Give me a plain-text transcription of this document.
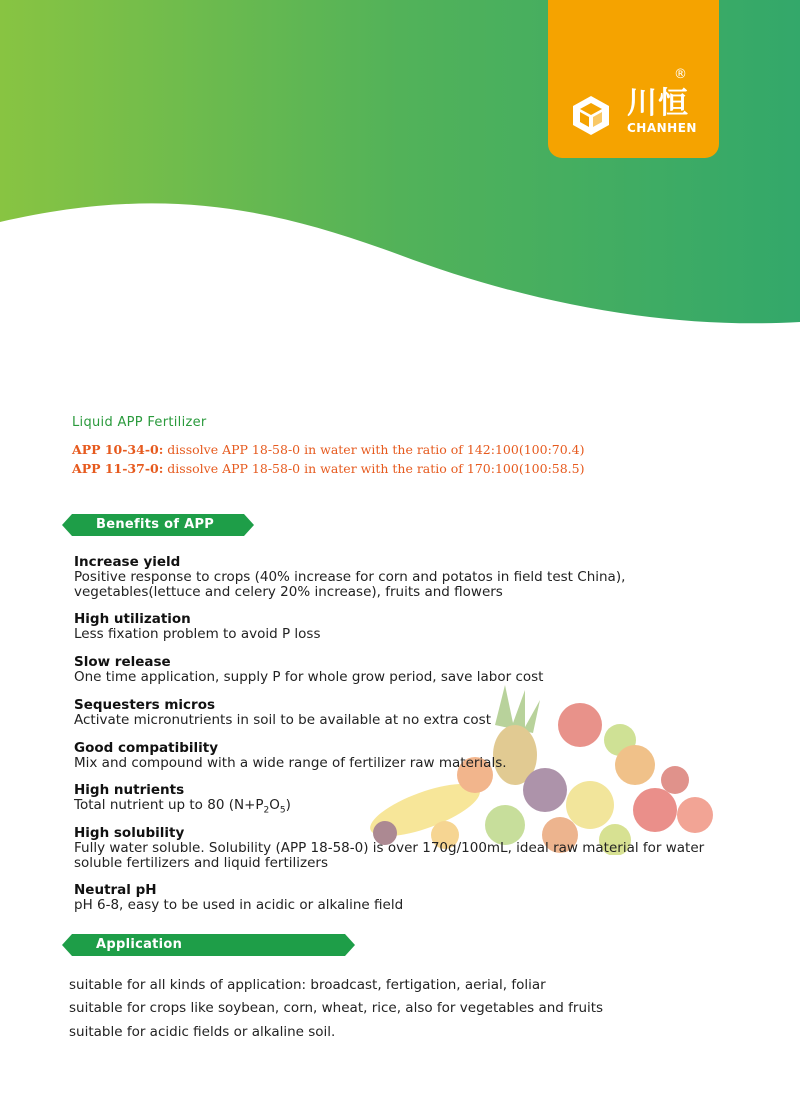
®
川恒
CHANHEN
Liquid APP Fertilizer
APP 10-34-0: dissolve APP 18-58-0 in water with the ratio of 142:100(100:70.4)
APP 11-37-0: dissolve APP 18-58-0 in water with the ratio of 170:100(100:58.5)
Benefits of APP
Increase yield
Positive response to crops (40% increase for corn and potatos in field test China),
vegetables(lettuce and celery 20% increase), fruits and flowers
High utilization
Less fixation problem to avoid P loss
Slow release
One time application, supply P for whole grow period, save labor cost
Sequesters micros
Activate micronutrients in soil to be available at no extra cost
Good compatibility
Mix and compound with a wide range of fertilizer raw materials.
High nutrients
Total nutrient up to 80 $(N+P_2O_5)$
High solubility
Fully water soluble. Solubility (APP 18-58-0) is over 170g/100mL, ideal raw material for water
soluble fertilizers and liquid fertilizers
Neutral pH
pH 6-8, easy to be used in acidic or alkaline field
Application
suitable for all kinds of application: broadcast, fertigation, aerial, foliar
suitable for crops like soybean, corn, wheat, rice, also for vegetables and fruits
suitable for acidic fields or alkaline soil.
